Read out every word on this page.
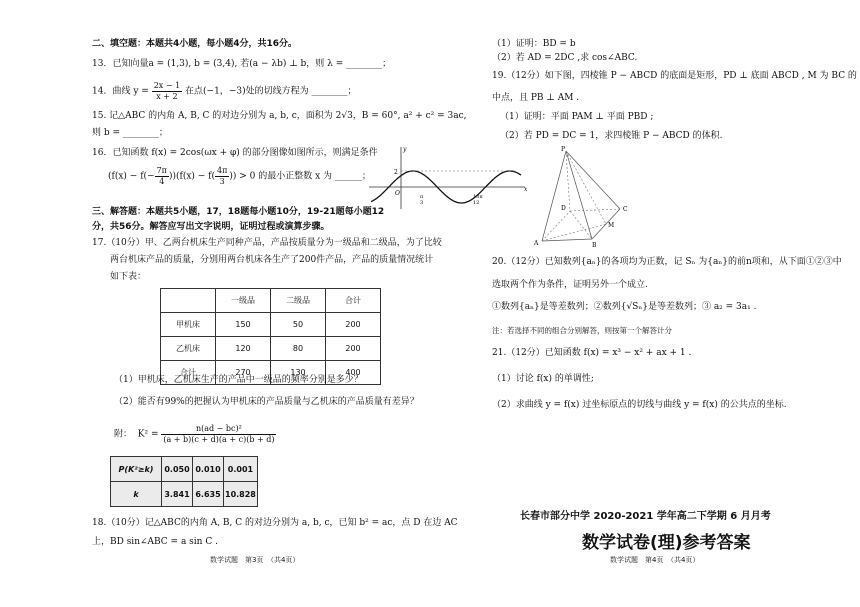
二、填空题：本题共4小题，每小题4分，共16分。
13．已知向量a = (1,3), b = (3,4), 若(a − λb) ⊥ b，则 λ = ________；
14．曲线 $y = \frac{2x - 1}{x + 2}$ 在点(−1，−3)处的切线方程为 ________；
15. 记△ABC 的内角 A, B, C 的对边分别为 a, b, c，面积为 2√3，B = 60°, a² + c² = 3ac,
则 b = ________；
16．已知函数 f(x) = 2cos(ωx + φ) 的部分图像如图所示，则满足条件
$(f(x) - f(- \frac{7\pi}{4} ))(f(x) - f( \frac{4\pi}{3}$ )) > 0 的最小正整数 x 为 ______；	2
O
x
y
π
3
13π
12
三、解答题：本题共5小题，17，18题每小题10分，19-21题每小题12
分，共56分。解答应写出文字说明，证明过程或演算步骤。
17.（10分）甲、乙两台机床生产同种产品，产品按质量分为一级品和二级品，为了比较
两台机床产品的质量，分别用两台机床各生产了200件产品，产品的质量情况统计
如下表：
	一级品	二级品	合计
甲机床	150	50	200
乙机床	120	80	200
合计	270	130	400
（1）甲机床，乙机床生产的产品中一级品的频率分别是多少？
（2）能否有99%的把握认为甲机床的产品质量与乙机床的产品质量有差异？
附： $K^2 = \frac{\text{n(ad − bc)²}}{(a + b)(c + d)(a + c)(b + d)}$
P(K²≥k)	0.050	0.010	0.001
k	3.841	6.635	10.828
18.（10分）记△ABC的内角 A, B, C 的对边分别为 a, b, c，已知 b² = ac，点 D 在边 AC
上，BD sin∠ABC = a sin C .
数学试题　第3页　（共4页）
（1）证明：BD = b
（2）若 AD = 2DC ,求 cos∠ABC.
19.（12分）如下图，四棱锥 P − ABCD 的底面是矩形，PD ⊥ 底面 ABCD , M 为 BC 的
中点，且 PB ⊥ AM .
（1）证明：平面 PAM ⊥ 平面 PBD ;
（2）若 PD = DC = 1，求四棱锥 P − ABCD 的体积.
P
A	B
C
D
M
20.（12分）已知数列{aₙ}的各项均为正数，记 Sₙ 为{aₙ}的前n项和，从下面①②③中
选取两个作为条件，证明另外一个成立.
①数列{aₙ}是等差数列；②数列{√Sₙ}是等差数列；③ a₂ = 3a₁ .
注：若选择不同的组合分别解答，则按第一个解答计分
21.（12分）已知函数 f(x) = x³ − x² + ax + 1 .
（1）讨论 f(x) 的单调性;
（2）求曲线 y = f(x) 过坐标原点的切线与曲线 y = f(x) 的公共点的坐标.
长春市部分中学 2020-2021 学年高二下学期 6 月月考
数学试卷(理)参考答案
数学试题　第4页　（共4页）
